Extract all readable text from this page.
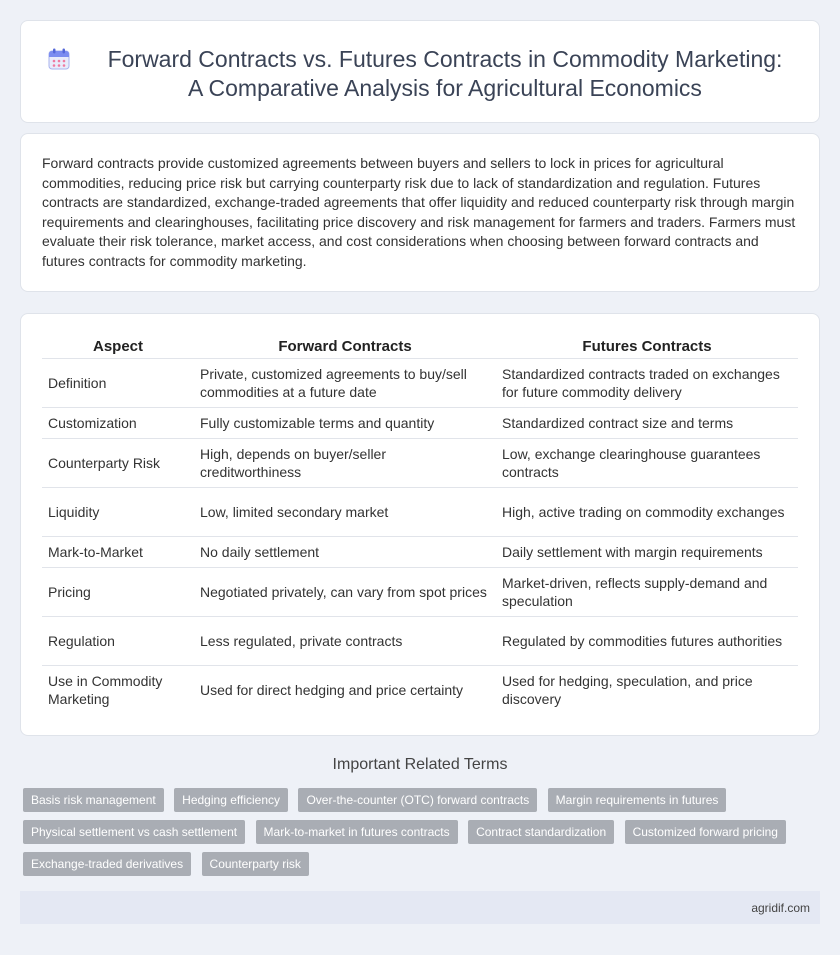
Forward Contracts vs. Futures Contracts in Commodity Marketing:
A Comparative Analysis for Agricultural Economics

Forward contracts provide customized agreements between buyers and sellers to lock in prices for agricultural commodities, reducing price risk but carrying counterparty risk due to lack of standardization and regulation. Futures contracts are standardized, exchange-traded agreements that offer liquidity and reduced counterparty risk through margin requirements and clearinghouses, facilitating price discovery and risk management for farmers and traders. Farmers must evaluate their risk tolerance, market access, and cost considerations when choosing between forward contracts and futures contracts for commodity marketing.

Aspect	Forward Contracts	Futures Contracts
Definition	Private, customized agreements to buy/sell commodities at a future date	Standardized contracts traded on exchanges for future commodity delivery
Customization	Fully customizable terms and quantity	Standardized contract size and terms
Counterparty Risk	High, depends on buyer/seller creditworthiness	Low, exchange clearinghouse guarantees contracts
Liquidity	Low, limited secondary market	High, active trading on commodity exchanges
Mark-to-Market	No daily settlement	Daily settlement with margin requirements
Pricing	Negotiated privately, can vary from spot prices	Market-driven, reflects supply-demand and speculation
Regulation	Less regulated, private contracts	Regulated by commodities futures authorities
Use in Commodity Marketing	Used for direct hedging and price certainty	Used for hedging, speculation, and price discovery
Important Related Terms
Basis risk management Hedging efficiency Over-the-counter (OTC) forward contracts Margin requirements in futures Physical settlement vs cash settlement Mark-to-market in futures contracts Contract standardization Customized forward pricing Exchange-traded derivatives Counterparty risk
agridif.com
